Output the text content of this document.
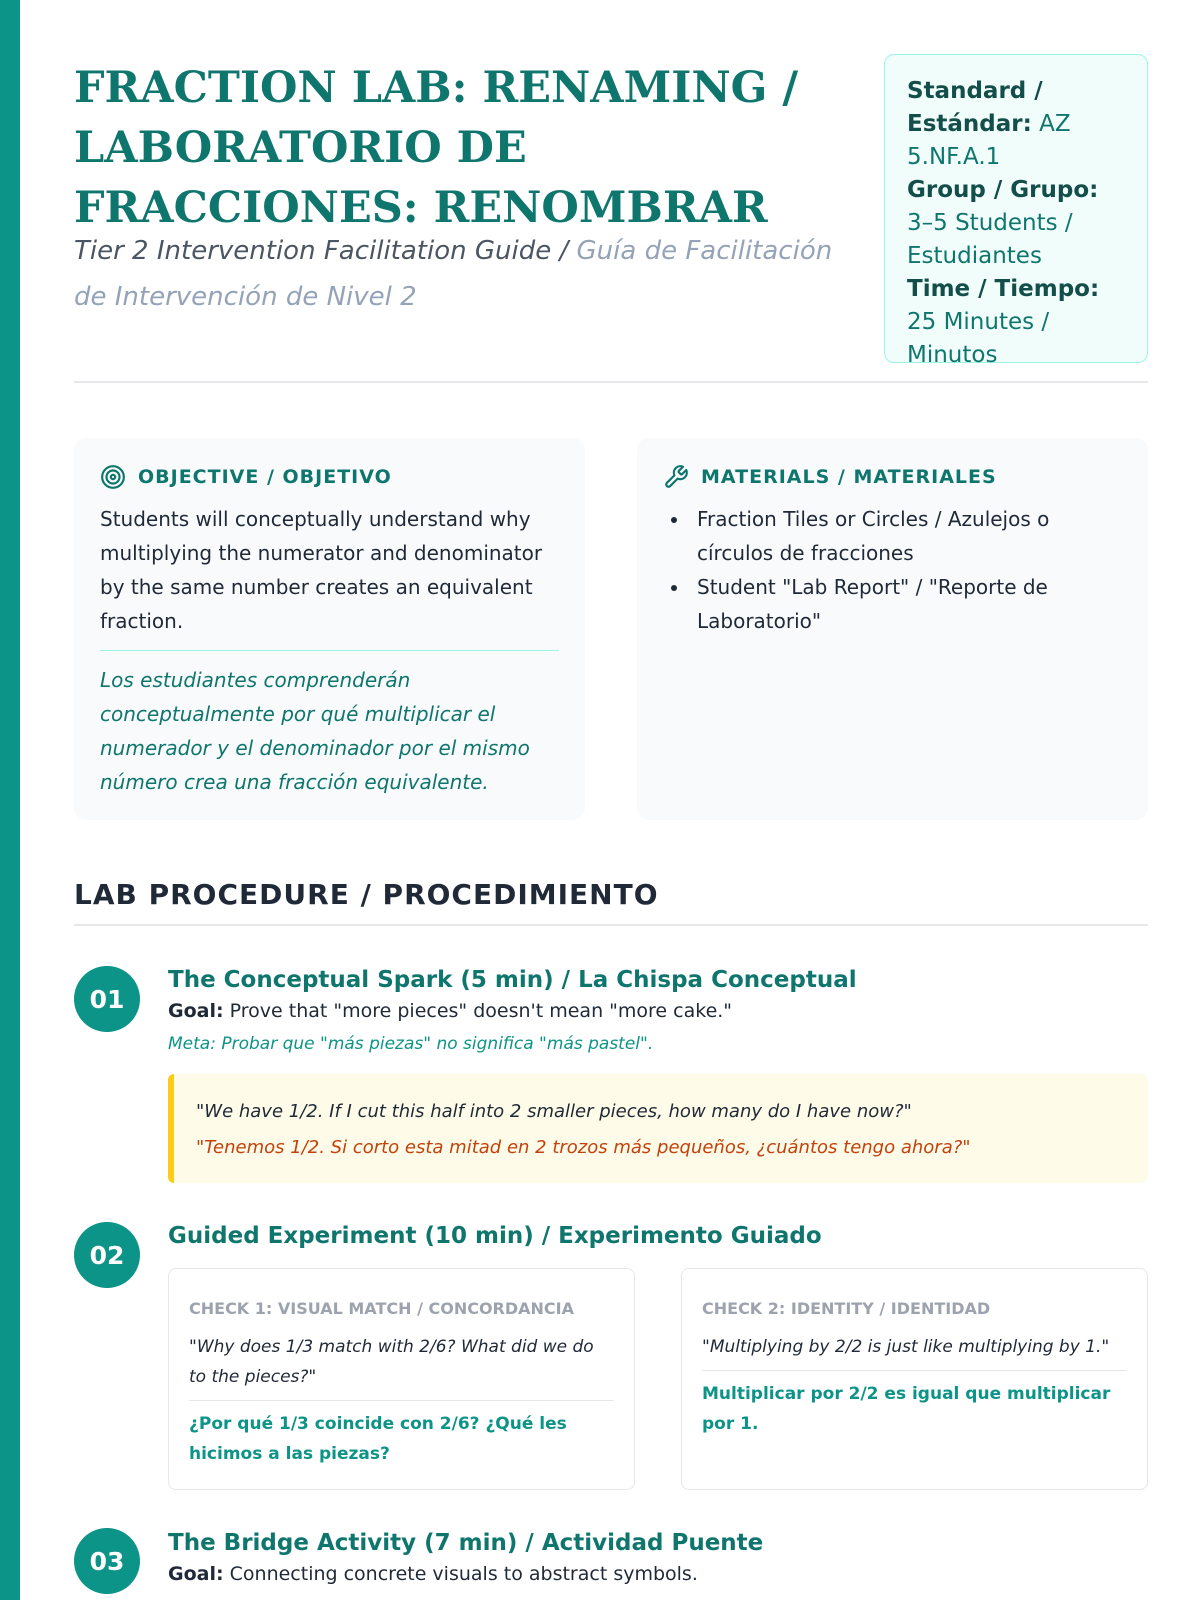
FRACTION LAB: RENAMING / LABORATORIO DE FRACCIONES: RENOMBRAR
Tier 2 Intervention Facilitation Guide / Guía de Facilitación de Intervención de Nivel 2
Standard / Estándar: AZ 5.NF.A.1
Group / Grupo: 3–5 Students / Estudiantes
Time / Tiempo: 25 Minutes / Minutos
OBJECTIVE / OBJETIVO

Students will conceptually understand why multiplying the numerator and denominator by the same number creates an equivalent fraction.

Los estudiantes comprenderán conceptualmente por qué multiplicar el numerador y el denominador por el mismo número crea una fracción equivalente.

MATERIALS / MATERIALES
Fraction Tiles or Circles / Azulejos o círculos de fracciones
Student "Lab Report" / "Reporte de Laboratorio"
LAB PROCEDURE / PROCEDIMIENTO
01
The Conceptual Spark (5 min) / La Chispa Conceptual
Goal: Prove that "more pieces" doesn't mean "more cake."
Meta: Probar que "más piezas" no significa "más pastel".
"We have 1/2. If I cut this half into 2 smaller pieces, how many do I have now?"
"Tenemos 1/2. Si corto esta mitad en 2 trozos más pequeños, ¿cuántos tengo ahora?"
02
Guided Experiment (10 min) / Experimento Guiado
CHECK 1: VISUAL MATCH / CONCORDANCIA
"Why does 1/3 match with 2/6? What did we do to the pieces?"
¿Por qué 1/3 coincide con 2/6? ¿Qué les hicimos a las piezas?
CHECK 2: IDENTITY / IDENTIDAD
"Multiplying by 2/2 is just like multiplying by 1."
Multiplicar por 2/2 es igual que multiplicar por 1.
03
The Bridge Activity (7 min) / Actividad Puente
Goal: Connecting concrete visuals to abstract symbols.
